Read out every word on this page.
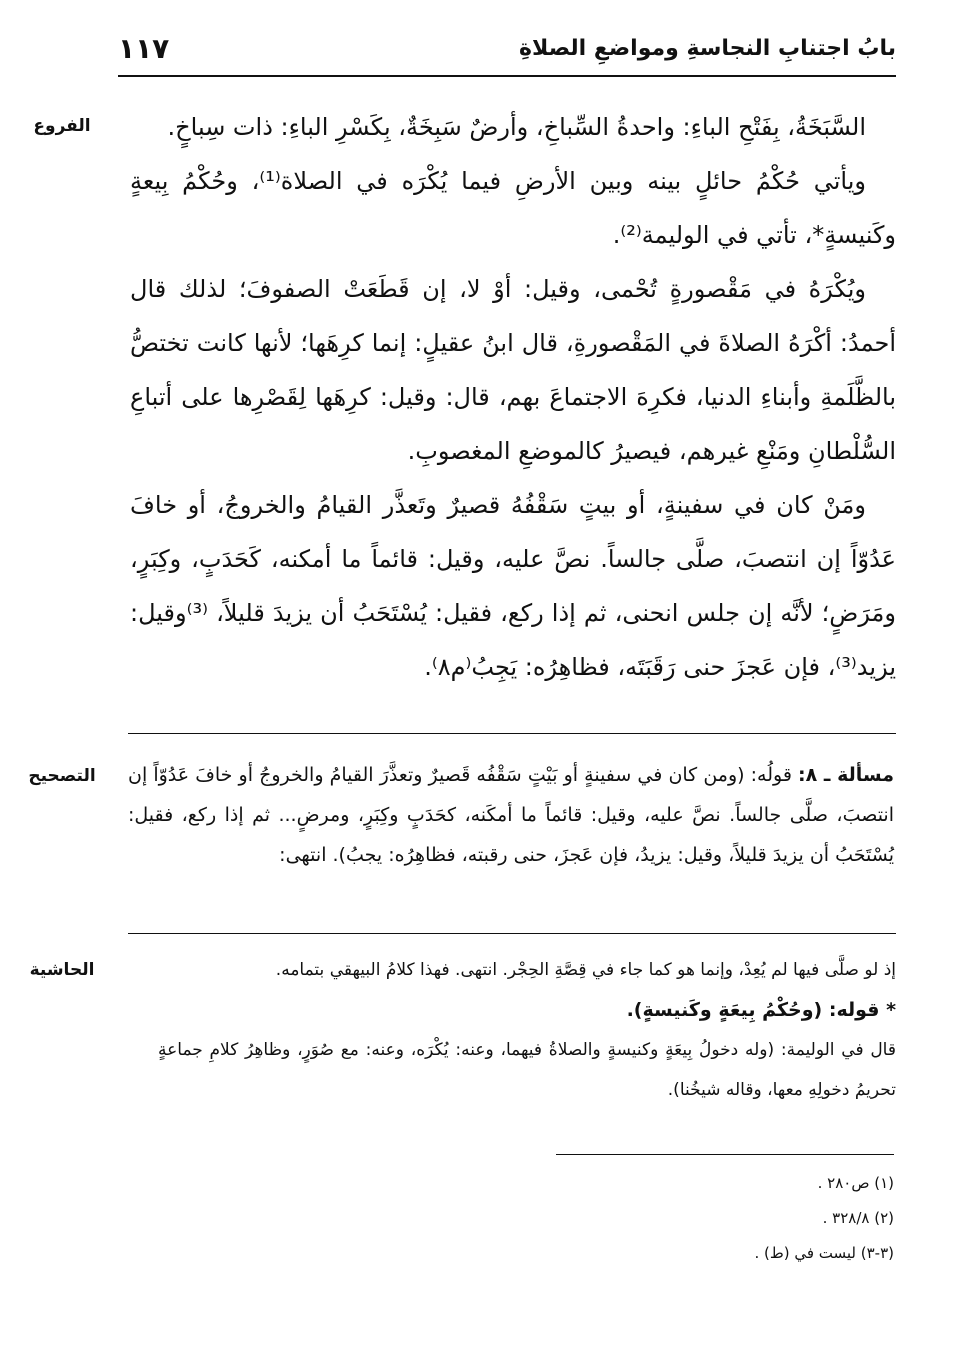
بابُ اجتنابِ النجاسةِ ومواضعِ الصلاةِ
١١٧
الفروع	السَّبَخَةُ، بِفَتْحِ الباءِ: واحدةُ السِّباخِ، وأرضٌ سَبِخَةٌ، بِكَسْرِ الباءِ: ذات سِباخٍ.

ويأتي حُكْمُ حائلٍ بينه وبين الأرضِ فيما يُكْرَه في الصلاة⁽¹⁾، وحُكْمُ بِيعةٍ وكَنيسةٍ*، تأتي في الوليمة⁽²⁾.

ويُكْرَهُ في مَقْصورةٍ تُحْمى، وقيل: أوْ لا، إن قَطَعَتْ الصفوفَ؛ لذلك قال أحمدُ: أكْرَهُ الصلاةَ في المَقْصورةِ، قال ابنُ عقيلٍ: إنما كرِهَها؛ لأنها كانت تختصُّ بالظَّلَمةِ وأبناءِ الدنيا، فكرِهَ الاجتماعَ بهم، قال: وقيل: كرِهَها لِقَصْرِها على أتباعِ السُّلْطانِ ومَنْعِ غيرهم، فيصيرُ كالموضعِ المغصوبِ.

ومَنْ كان في سفينةٍ، أو بيتٍ سَقْفُهُ قصيرٌ وتَعذَّر القيامُ والخروجُ، أو خافَ عَدُوّاً إن انتصبَ، صلَّى جالساً. نصَّ عليه، وقيل: قائماً ما أمكنه، كَحَدَبٍ، وكِبَرٍ، ومَرَضٍ؛ لأنَّه إن جلس انحنى، ثم إذا ركع، فقيل: يُسْتَحَبُ أن يزيدَ قليلاً، ⁽³⁾وقيل: يزيد⁽³⁾، فإن عَجزَ حنى رَقَبَتَه، فظاهِرُه: يَجِبُ⁽م٨⁾.

التصحيح	مسألة ـ ٨: قولُه: (ومن كان في سفينةٍ أو بَيْتٍ سَقْفُه قَصيرٌ وتعذَّرَ القيامُ والخروجُ أو خافَ عَدُوّاً إن انتصبَ، صلَّى جالساً. نصَّ عليه، وقيل: قائماً ما أمكَنه، كحَدَبٍ وكِبَرٍ، ومرضٍ... ثم إذا ركع، فقيل: يُسْتَحَبُ أن يزيدَ قليلاً، وقيل: يزيدُ، فإن عَجزَ، حنى رقبته، فظاهِرُه: يجبُ). انتهى:

الحاشية	إذ لو صلَّى فيها لم يُعِدْ، وإنما هو كما جاء في قِصَّةِ الحِجْر. انتهى. فهذا كلامُ البيهقي بتمامه.

* قوله: (وحُكْمُ بِيعَةٍ وكَنيسةٍ).

قال في الوليمة: (وله دخولُ بِيعَةٍ وكنيسةٍ والصلاةُ فيهما، وعنه: يُكْرَه، وعنه: مع صُوَرٍ، وظاهِرُ كلامِ جماعةٍ تحريمُ دخولِهِ معها، وقاله شيخُنا).

(١) ص٢٨٠ .
(٢) ٣٢٨/٨ .
(٣-٣) ليست في (ط) .
